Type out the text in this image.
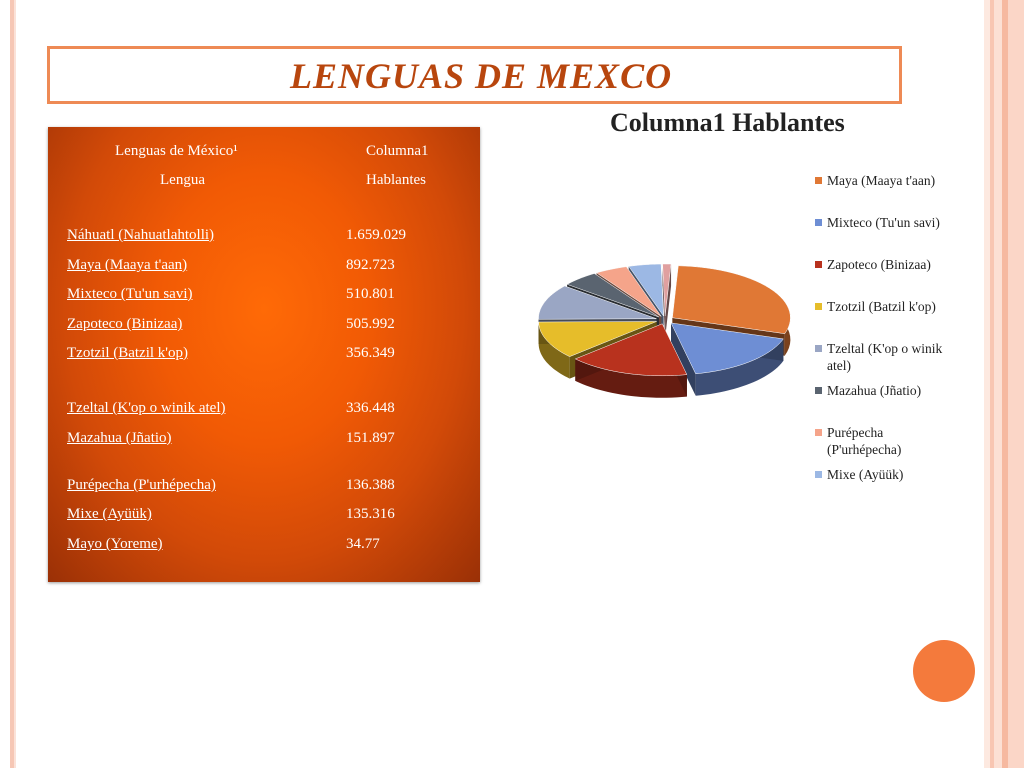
LENGUAS DE MEXCO
Lenguas de México¹	Columna1
Lengua	Hablantes
Náhuatl (Nahuatlahtolli)	1.659.029
Maya (Maaya t'aan)	892.723
Mixteco (Tu'un savi)	510.801
Zapoteco (Binizaa)	505.992
Tzotzil (Batzil k'op)	356.349
Tzeltal (K'op o winik atel)	336.448
Mazahua (Jñatio)	151.897
Purépecha (P'urhépecha)	136.388
Mixe (Ayüük)	135.316
Mayo (Yoreme)	34.77
Columna1 Hablantes
Maya (Maaya t'aan)
Mixteco (Tu'un savi)
Zapoteco (Binizaa)
Tzotzil (Batzil k'op)
Tzeltal (K'op o winik atel)
Mazahua (Jñatio)
Purépecha (P'urhépecha)
Mixe (Ayüük)
